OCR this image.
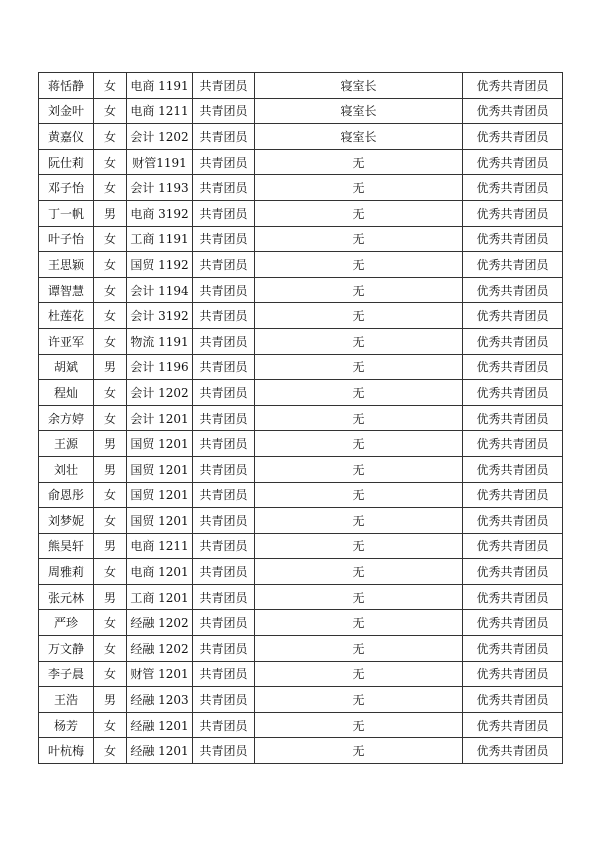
蒋恬静	女	电商 1191	共青团员	寝室长	优秀共青团员
刘金叶	女	电商 1211	共青团员	寝室长	优秀共青团员
黄嘉仪	女	会计 1202	共青团员	寝室长	优秀共青团员
阮仕莉	女	财管1191	共青团员	无	优秀共青团员
邓子怡	女	会计 1193	共青团员	无	优秀共青团员
丁一帆	男	电商 3192	共青团员	无	优秀共青团员
叶子怡	女	工商 1191	共青团员	无	优秀共青团员
王思颖	女	国贸 1192	共青团员	无	优秀共青团员
谭智慧	女	会计 1194	共青团员	无	优秀共青团员
杜莲花	女	会计 3192	共青团员	无	优秀共青团员
许亚军	女	物流 1191	共青团员	无	优秀共青团员
胡斌	男	会计 1196	共青团员	无	优秀共青团员
程灿	女	会计 1202	共青团员	无	优秀共青团员
余方婷	女	会计 1201	共青团员	无	优秀共青团员
王源	男	国贸 1201	共青团员	无	优秀共青团员
刘壮	男	国贸 1201	共青团员	无	优秀共青团员
俞恩彤	女	国贸 1201	共青团员	无	优秀共青团员
刘梦妮	女	国贸 1201	共青团员	无	优秀共青团员
熊昊轩	男	电商 1211	共青团员	无	优秀共青团员
周雅莉	女	电商 1201	共青团员	无	优秀共青团员
张元林	男	工商 1201	共青团员	无	优秀共青团员
严珍	女	经融 1202	共青团员	无	优秀共青团员
万文静	女	经融 1202	共青团员	无	优秀共青团员
李子晨	女	财管 1201	共青团员	无	优秀共青团员
王浩	男	经融 1203	共青团员	无	优秀共青团员
杨芳	女	经融 1201	共青团员	无	优秀共青团员
叶杭梅	女	经融 1201	共青团员	无	优秀共青团员
